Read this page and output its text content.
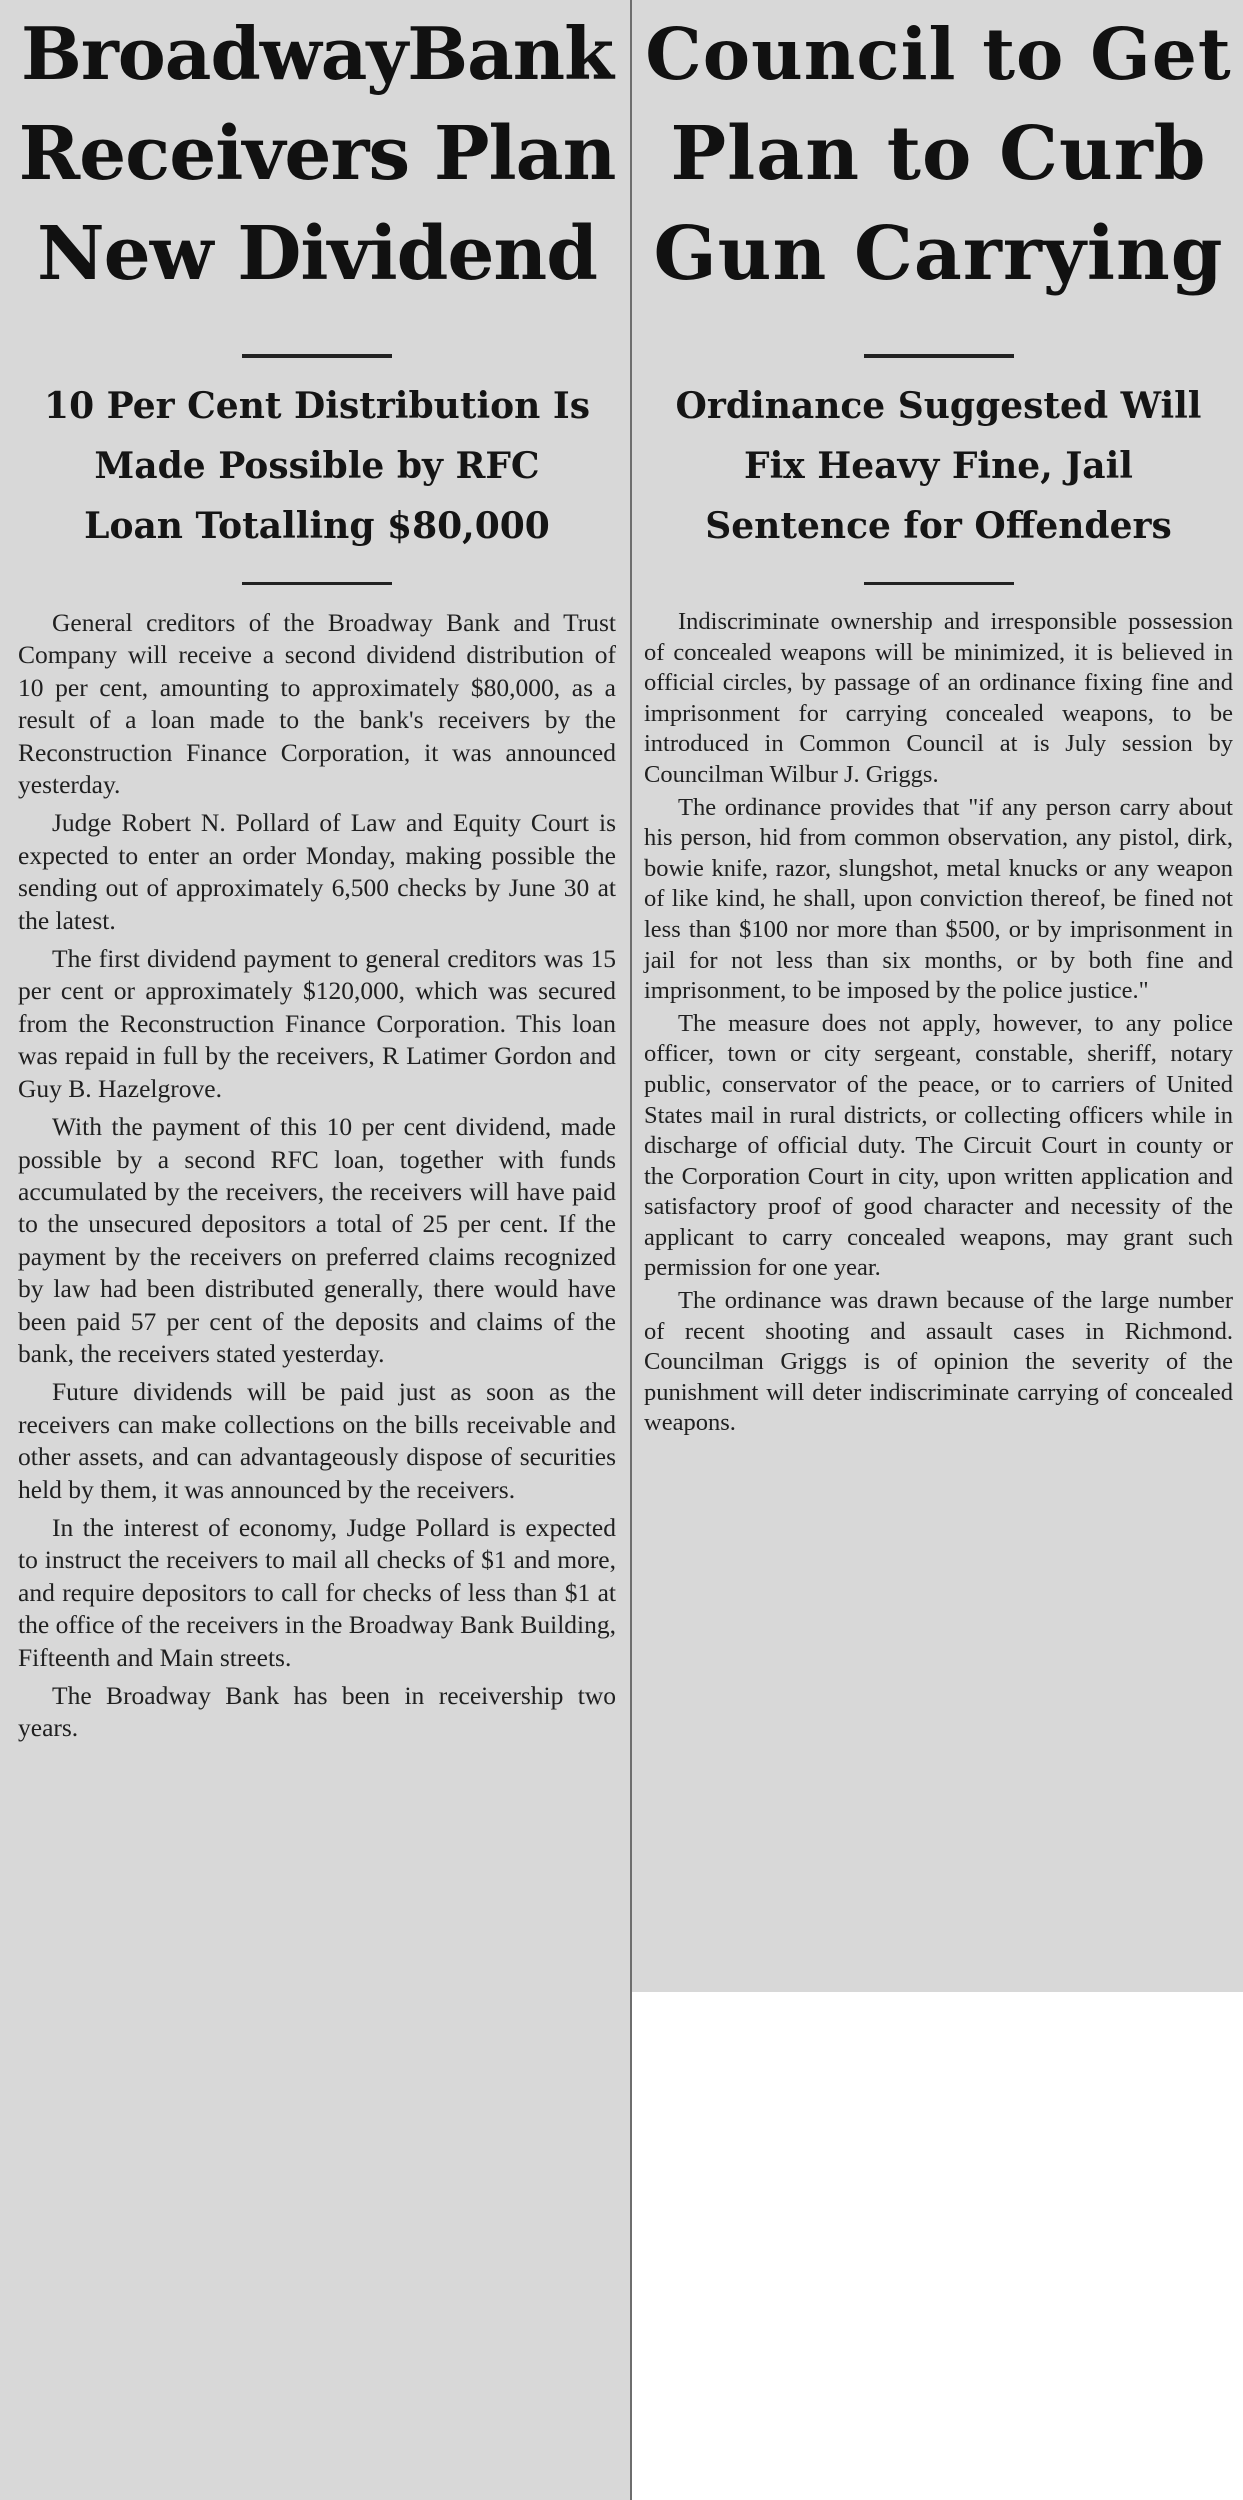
BroadwayBank
Receivers Plan
New Dividend
10 Per Cent Distribution Is
Made Possible by RFC
Loan Totalling $80,000

General creditors of the Broadway Bank and Trust Company will receive a second dividend distribution of 10 per cent, amounting to approximately $80,000, as a result of a loan made to the bank's receivers by the Reconstruction Finance Corporation, it was announced yesterday.

Judge Robert N. Pollard of Law and Equity Court is expected to enter an order Monday, making possible the sending out of approximately 6,500 checks by June 30 at the latest.

The first dividend payment to general creditors was 15 per cent or approximately $120,000, which was secured from the Reconstruction Finance Corporation. This loan was repaid in full by the receivers, R Latimer Gordon and Guy B. Hazelgrove.

With the payment of this 10 per cent dividend, made possible by a second RFC loan, together with funds accumulated by the receivers, the receivers will have paid to the unsecured depositors a total of 25 per cent. If the payment by the receivers on preferred claims recognized by law had been distributed generally, there would have been paid 57 per cent of the deposits and claims of the bank, the receivers stated yesterday.

Future dividends will be paid just as soon as the receivers can make collections on the bills receivable and other assets, and can advantageously dispose of securities held by them, it was announced by the receivers.

In the interest of economy, Judge Pollard is expected to instruct the receivers to mail all checks of $1 and more, and require depositors to call for checks of less than $1 at the office of the receivers in the Broadway Bank Building, Fifteenth and Main streets.

The Broadway Bank has been in receivership two years.

Council to Get
Plan to Curb
Gun Carrying
Ordinance Suggested Will
Fix Heavy Fine, Jail
Sentence for Offenders

Indiscriminate ownership and irresponsible possession of concealed weapons will be minimized, it is believed in official circles, by passage of an ordinance fixing fine and imprisonment for carrying concealed weapons, to be introduced in Common Council at is July session by Councilman Wilbur J. Griggs.

The ordinance provides that "if any person carry about his person, hid from common observation, any pistol, dirk, bowie knife, razor, slungshot, metal knucks or any weapon of like kind, he shall, upon conviction thereof, be fined not less than $100 nor more than $500, or by imprisonment in jail for not less than six months, or by both fine and imprisonment, to be imposed by the police justice."

The measure does not apply, however, to any police officer, town or city sergeant, constable, sheriff, notary public, conservator of the peace, or to carriers of United States mail in rural districts, or collecting officers while in discharge of official duty. The Circuit Court in county or the Corporation Court in city, upon written application and satisfactory proof of good character and necessity of the applicant to carry concealed weapons, may grant such permission for one year.

The ordinance was drawn because of the large number of recent shooting and assault cases in Richmond. Councilman Griggs is of opinion the severity of the punishment will deter indiscriminate carrying of concealed weapons.
